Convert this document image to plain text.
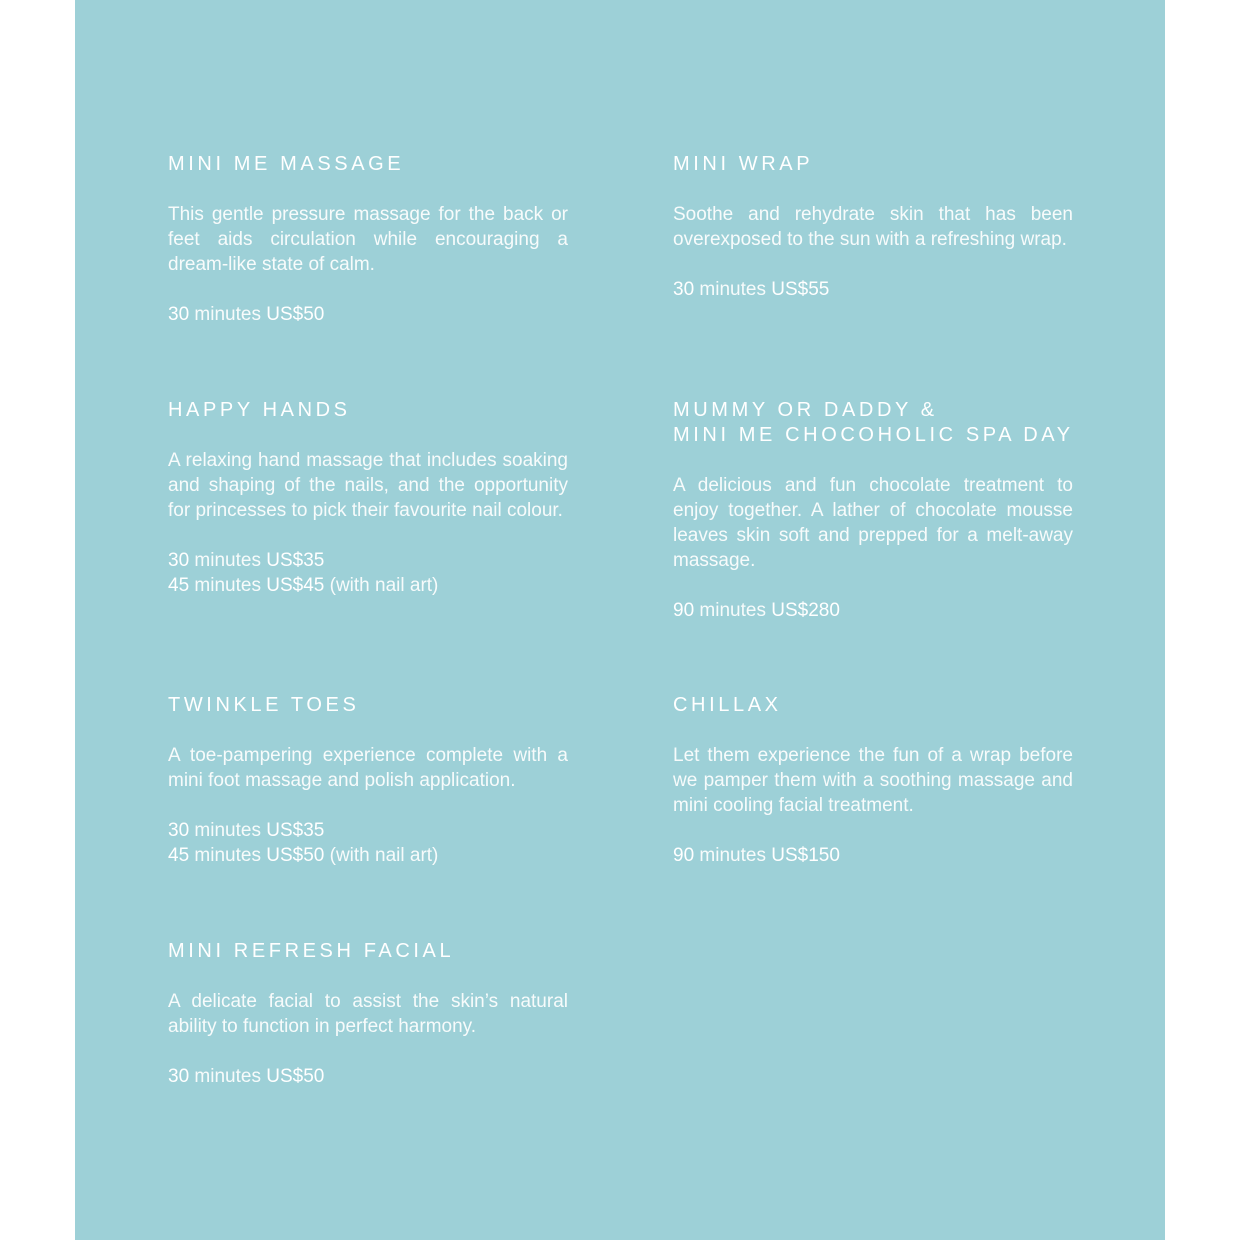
MINI ME MASSAGE
This gentle pressure massage for the back or feet aids circulation while encouraging a dream-like state of calm.
30 minutes US$50
HAPPY HANDS
A relaxing hand massage that includes soaking and shaping of the nails, and the opportunity for princesses to pick their favourite nail colour.
30 minutes US$35
45 minutes US$45 (with nail art)
TWINKLE TOES
A toe-pampering experience complete with a mini foot massage and polish application.
30 minutes US$35
45 minutes US$50 (with nail art)
MINI REFRESH FACIAL
A delicate facial to assist the skin’s natural ability to function in perfect harmony.
30 minutes US$50
MINI WRAP
Soothe and rehydrate skin that has been overexposed to the sun with a refreshing wrap.
30 minutes US$55
MUMMY OR DADDY &
MINI ME CHOCOHOLIC SPA DAY
A delicious and fun chocolate treatment to enjoy together. A lather of chocolate mousse leaves skin soft and prepped for a melt-away massage.
90 minutes US$280
CHILLAX
Let them experience the fun of a wrap before we pamper them with a soothing massage and mini cooling facial treatment.
90 minutes US$150
